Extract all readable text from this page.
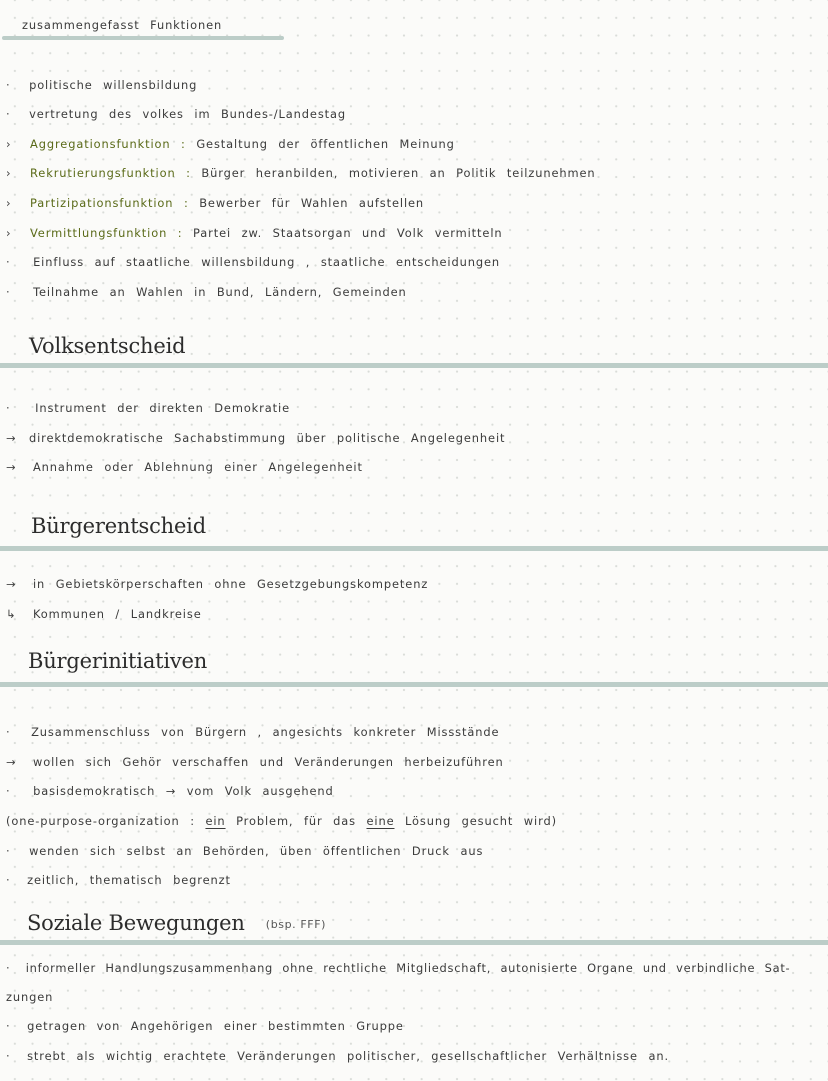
zusammengefasst Funktionen
· politische willensbildung
· vertretung des volkes im Bundes-/Landestag
› Aggregationsfunktion : Gestaltung der öffentlichen Meinung
› Rekrutierungsfunktion : Bürger heranbilden, motivieren an Politik teilzunehmen
› Partizipationsfunktion : Bewerber für Wahlen aufstellen
› Vermittlungsfunktion : Partei zw. Staatsorgan und Volk vermitteln
· Einfluss auf staatliche willensbildung , staatliche entscheidungen
· Teilnahme an Wahlen in Bund, Ländern, Gemeinden
Volksentscheid
· Instrument der direkten Demokratie
→ direktdemokratische Sachabstimmung über politische Angelegenheit
→ Annahme oder Ablehnung einer Angelegenheit
Bürgerentscheid
→ in Gebietskörperschaften ohne Gesetzgebungskompetenz
↳ Kommunen / Landkreise
Bürgerinitiativen
· Zusammenschluss von Bürgern , angesichts konkreter Missstände
→ wollen sich Gehör verschaffen und Veränderungen herbeizuführen
· basisdemokratisch → vom Volk ausgehend
(one-purpose-organization : ein Problem, für das eine Lösung gesucht wird)
· wenden sich selbst an Behörden, üben öffentlichen Druck aus
· zeitlich, thematisch begrenzt
Soziale Bewegungen (bsp. FFF)
· informeller Handlungszusammenhang ohne rechtliche Mitgliedschaft, autonisierte Organe und verbindliche Sat-
zungen
· getragen von Angehörigen einer bestimmten Gruppe
· strebt als wichtig erachtete Veränderungen politischer, gesellschaftlicher Verhältnisse an.
